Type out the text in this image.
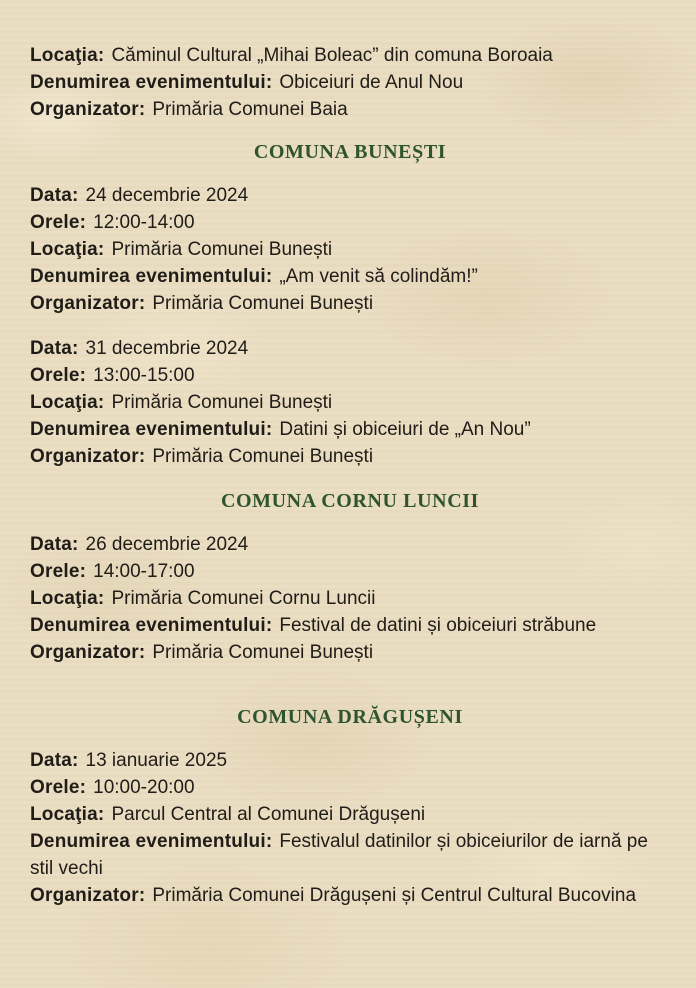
Locaţia: Căminul Cultural „Mihai Boleac” din comuna Boroaia
Denumirea evenimentului: Obiceiuri de Anul Nou
Organizator: Primăria Comunei Baia
COMUNA BUNEȘTI
Data: 24 decembrie 2024
Orele: 12:00-14:00
Locaţia: Primăria Comunei Bunești
Denumirea evenimentului: „Am venit să colindăm!”
Organizator: Primăria Comunei Bunești
Data: 31 decembrie 2024
Orele: 13:00-15:00
Locaţia: Primăria Comunei Bunești
Denumirea evenimentului: Datini și obiceiuri de „An Nou”
Organizator: Primăria Comunei Bunești
COMUNA CORNU LUNCII
Data: 26 decembrie 2024
Orele: 14:00-17:00
Locaţia: Primăria Comunei Cornu Luncii
Denumirea evenimentului: Festival de datini și obiceiuri străbune
Organizator: Primăria Comunei Bunești
COMUNA DRĂGUȘENI
Data: 13 ianuarie 2025
Orele: 10:00-20:00
Locaţia: Parcul Central al Comunei Drăgușeni
Denumirea evenimentului: Festivalul datinilor și obiceiurilor de iarnă pe stil vechi
Organizator: Primăria Comunei Drăgușeni și Centrul Cultural Bucovina
